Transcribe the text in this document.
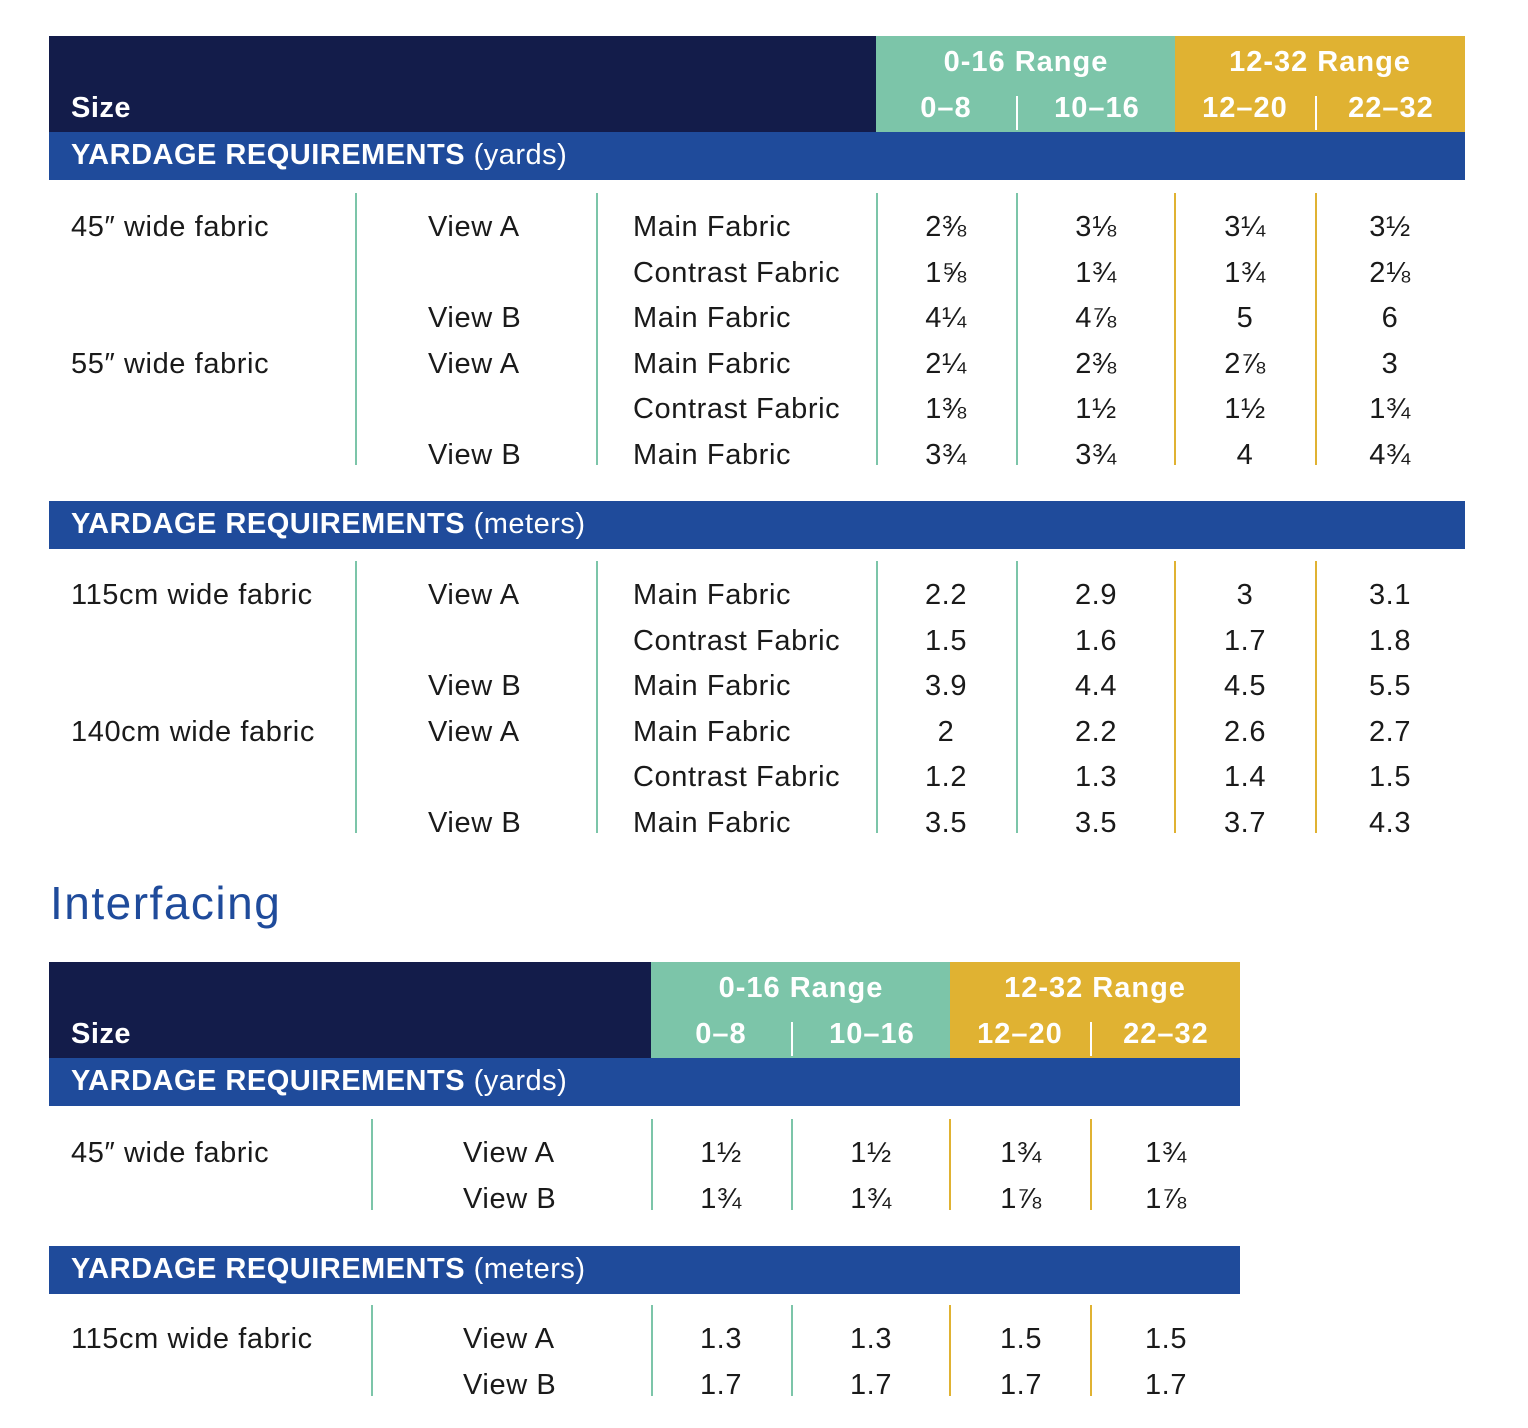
Size
0-16 Range
0–8	10–16
12-32 Range
12–20	22–32
YARDAGE REQUIREMENTS (yards)
YARDAGE REQUIREMENTS (meters)
45″ wide fabric	View A	Main Fabric	2⅜	3⅛	3¼	3½
Contrast Fabric	1⅝	1¾	1¾	2⅛
View B	Main Fabric	4¼	4⅞	5	6
55″ wide fabric	View A	Main Fabric	2¼	2⅜	2⅞	3
Contrast Fabric	1⅜	1½	1½	1¾
View B	Main Fabric	3¾	3¾	4	4¾
115cm wide fabric	View A	Main Fabric	2.2	2.9	3	3.1
Contrast Fabric	1.5	1.6	1.7	1.8
View B	Main Fabric	3.9	4.4	4.5	5.5
140cm wide fabric	View A	Main Fabric	2	2.2	2.6	2.7
Contrast Fabric	1.2	1.3	1.4	1.5
View B	Main Fabric	3.5	3.5	3.7	4.3
Interfacing
Size
0-16 Range
0–8	10–16
12-32 Range
12–20	22–32
YARDAGE REQUIREMENTS (yards)
YARDAGE REQUIREMENTS (meters)
45″ wide fabric	View A	1½	1½	1¾	1¾
View B	1¾	1¾	1⅞	1⅞
115cm wide fabric	View A	1.3	1.3	1.5	1.5
View B	1.7	1.7	1.7	1.7
